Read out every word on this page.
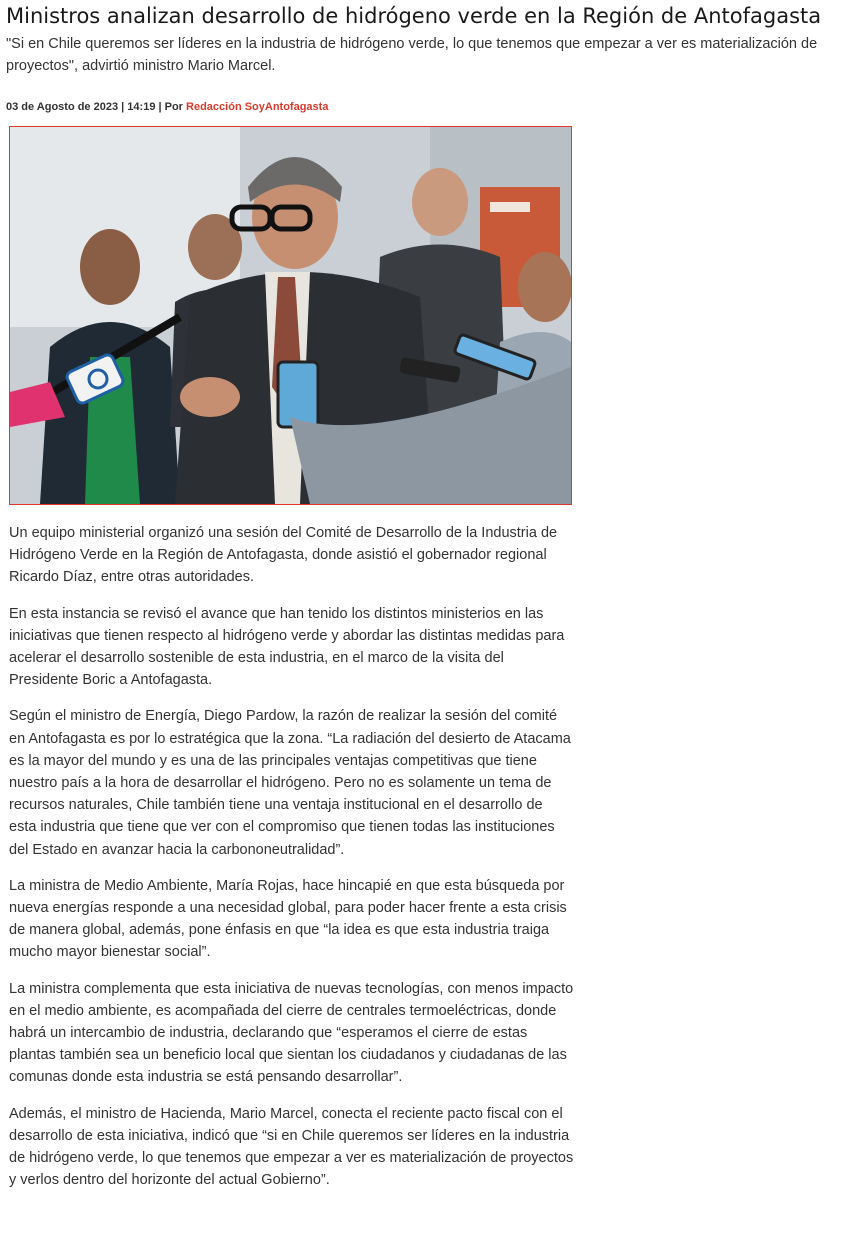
Ministros analizan desarrollo de hidrógeno verde en la Región de Antofagasta

"Si en Chile queremos ser líderes en la industria de hidrógeno verde, lo que tenemos que empezar a ver es materialización de proyectos", advirtió ministro Mario Marcel.

03 de Agosto de 2023 | 14:19 | Por Redacción SoyAntofagasta

Un equipo ministerial organizó una sesión del Comité de Desarrollo de la Industria de Hidrógeno Verde en la Región de Antofagasta, donde asistió el gobernador regional Ricardo Díaz, entre otras autoridades.

En esta instancia se revisó el avance que han tenido los distintos ministerios en las iniciativas que tienen respecto al hidrógeno verde y abordar las distintas medidas para acelerar el desarrollo sostenible de esta industria, en el marco de la visita del Presidente Boric a Antofagasta.

Según el ministro de Energía, Diego Pardow, la razón de realizar la sesión del comité en Antofagasta es por lo estratégica que la zona. “La radiación del desierto de Atacama es la mayor del mundo y es una de las principales ventajas competitivas que tiene nuestro país a la hora de desarrollar el hidrógeno. Pero no es solamente un tema de recursos naturales, Chile también tiene una ventaja institucional en el desarrollo de esta industria que tiene que ver con el compromiso que tienen todas las instituciones del Estado en avanzar hacia la carbononeutralidad”.

La ministra de Medio Ambiente, María Rojas, hace hincapié en que esta búsqueda por nueva energías responde a una necesidad global, para poder hacer frente a esta crisis de manera global, además, pone énfasis en que “la idea es que esta industria traiga mucho mayor bienestar social”.

La ministra complementa que esta iniciativa de nuevas tecnologías, con menos impacto en el medio ambiente, es acompañada del cierre de centrales termoeléctricas, donde habrá un intercambio de industria, declarando que “esperamos el cierre de estas plantas también sea un beneficio local que sientan los ciudadanos y ciudadanas de las comunas donde esta industria se está pensando desarrollar”.

Además, el ministro de Hacienda, Mario Marcel, conecta el reciente pacto fiscal con el desarrollo de esta iniciativa, indicó que “si en Chile queremos ser líderes en la industria de hidrógeno verde, lo que tenemos que empezar a ver es materialización de proyectos y verlos dentro del horizonte del actual Gobierno”.
